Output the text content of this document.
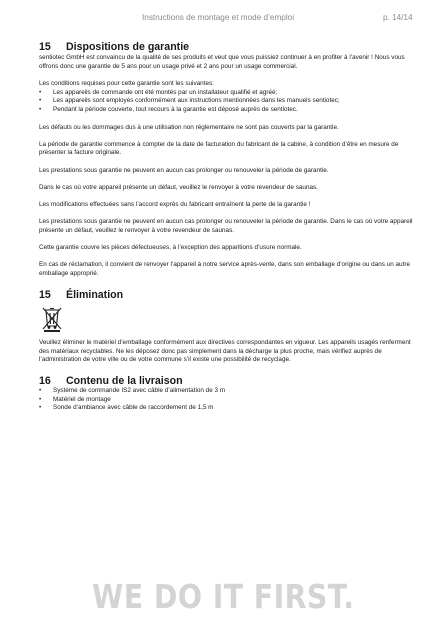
Instructions de montage et mode d’emploi	p. 14/14
15	Dispositions de garantie

sentiotec GmbH est convaincu de la qualité de ses produits et veut que vous puissiez continuer à en profiter à l’avenir ! Nous vous offrons donc une garantie de 5 ans pour un usage privé et 2 ans pour un usage commercial.

Les conditions requises pour cette garantie sont les suivantes:

•	Les appareils de commande ont été montés par un installateur qualifié et agréé;
•	Les appareils sont employés conformément aux instructions mentionnées dans les manuels sentiotec;
•	Pendant la période couverte, tout recours à la garantie est déposé auprès de sentiotec.

Les défauts ou les dommages dus à une utilisation non réglementaire ne sont pas couverts par la garantie.

La période de garantie commence à compter de la date de facturation du fabricant de la cabine, à condition d’être en mesure de présenter la facture originale.

Les prestations sous garantie ne peuvent en aucun cas prolonger ou renouveler la période de garantie.

Dans le cas où votre appareil présente un défaut, veuillez le renvoyer à votre revendeur de saunas.

Les modifications effectuées sans l’accord exprès du fabricant entraînent la perte de la garantie !

Les prestations sous garantie ne peuvent en aucun cas prolonger ou renouveler la période de garantie. Dans le cas où votre appareil présente un défaut, veuillez le renvoyer à votre revendeur de saunas.

Cette garantie couvre les pièces défectueuses, à l’exception des apparitions d’usure normale.

En cas de réclamation, il convient de renvoyer l’appareil à notre service après-vente, dans son emballage d’origine ou dans un autre emballage approprié.

15	Élimination

Veuillez éliminer le matériel d’emballage conformément aux directives correspondantes en vigueur. Les appareils usagés renferment des matériaux recyclables. Ne les déposez donc pas simplement dans la décharge la plus proche, mais vérifiez auprès de l’administration de votre ville ou de votre commune s’il existe une possibilité de recyclage.

16	Contenu de la livraison
•	Système de commande IS2 avec câble d’alimentation de 3 m
•	Matériel de montage
•	Sonde d’ambiance avec câble de raccordement de 1,5 m
WE DO IT FIRST.
